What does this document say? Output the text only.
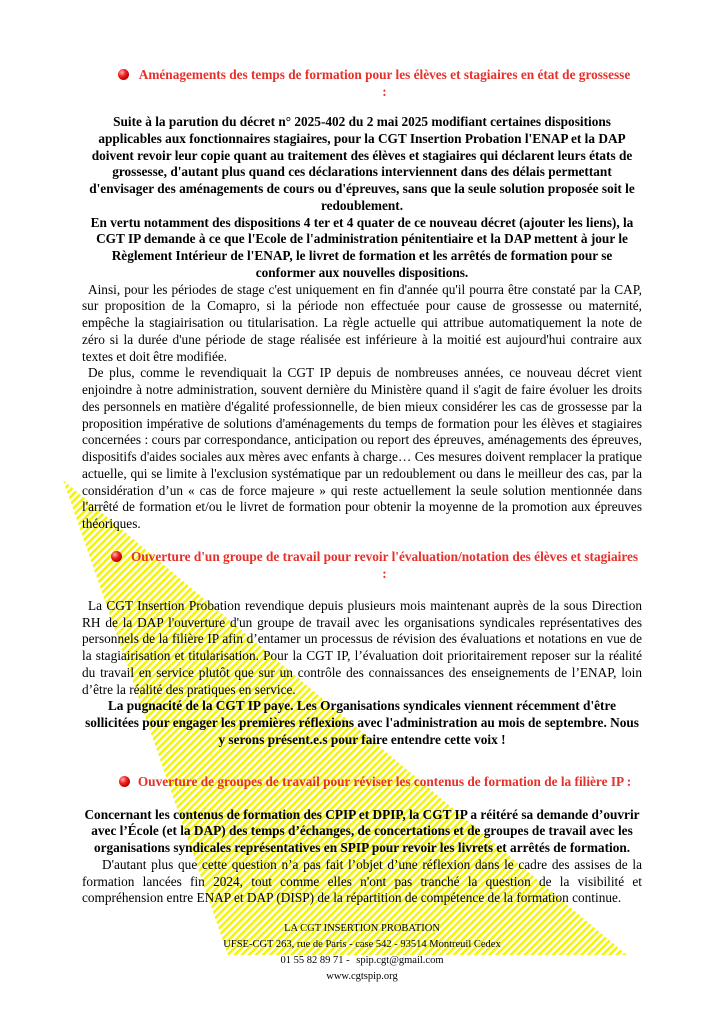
Aménagements des temps de formation pour les élèves et stagiaires en état de grossesse :

Suite à la parution du décret n° 2025-402 du 2 mai 2025 modifiant certaines dispositions applicables aux fonctionnaires stagiaires, pour la CGT Insertion Probation l'ENAP et la DAP doivent revoir leur copie quant au traitement des élèves et stagiaires qui déclarent leurs états de grossesse, d'autant plus quand ces déclarations interviennent dans des délais permettant d'envisager des aménagements de cours ou d'épreuves, sans que la seule solution proposée soit le redoublement.

En vertu notamment des dispositions 4 ter et 4 quater de ce nouveau décret (ajouter les liens), la CGT IP demande à ce que l'Ecole de l'administration pénitentiaire et la DAP mettent à jour le Règlement Intérieur de l'ENAP, le livret de formation et les arrêtés de formation pour se conformer aux nouvelles dispositions.

Ainsi, pour les périodes de stage c'est uniquement en fin d'année qu'il pourra être constaté par la CAP, sur proposition de la Comapro, si la période non effectuée pour cause de grossesse ou maternité, empêche la stagiairisation ou titularisation. La règle actuelle qui attribue automatiquement la note de zéro si la durée d'une période de stage réalisée est inférieure à la moitié est aujourd'hui contraire aux textes et doit être modifiée.

De plus, comme le revendiquait la CGT IP depuis de nombreuses années, ce nouveau décret vient enjoindre à notre administration, souvent dernière du Ministère quand il s'agit de faire évoluer les droits des personnels en matière d'égalité professionnelle, de bien mieux considérer les cas de grossesse par la proposition impérative de solutions d'aménagements du temps de formation pour les élèves et stagiaires concernées : cours par correspondance, anticipation ou report des épreuves, aménagements des épreuves, dispositifs d'aides sociales aux mères avec enfants à charge… Ces mesures doivent remplacer la pratique actuelle, qui se limite à l'exclusion systématique par un redoublement ou dans le meilleur des cas, par la considération d’un « cas de force majeure » qui reste actuellement la seule solution mentionnée dans l'arrêté de formation et/ou le livret de formation pour obtenir la moyenne de la promotion aux épreuves théoriques.

Ouverture d'un groupe de travail pour revoir l'évaluation/notation des élèves et stagiaires :

La CGT Insertion Probation revendique depuis plusieurs mois maintenant auprès de la sous Direction RH de la DAP l'ouverture d'un groupe de travail avec les organisations syndicales représentatives des personnels de la filière IP afin d’entamer un processus de révision des évaluations et notations en vue de la stagiairisation et titularisation. Pour la CGT IP, l’évaluation doit prioritairement reposer sur la réalité du travail en service plutôt que sur un contrôle des connaissances des enseignements de l’ENAP, loin d’être la réalité des pratiques en service.

La pugnacité de la CGT IP paye. Les Organisations syndicales viennent récemment d'être sollicitées pour engager les premières réflexions avec l'administration au mois de septembre. Nous y serons présent.e.s pour faire entendre cette voix !

Ouverture de groupes de travail pour réviser les contenus de formation de la filière IP :

Concernant les contenus de formation des CPIP et DPIP, la CGT IP a réitéré sa demande d’ouvrir avec l’École (et la DAP) des temps d’échanges, de concertations et de groupes de travail avec les organisations syndicales représentatives en SPIP pour revoir les livrets et arrêtés de formation.

D'autant plus que cette question n’a pas fait l’objet d’une réflexion dans le cadre des assises de la formation lancées fin 2024, tout comme elles n'ont pas tranché la question de la visibilité et compréhension entre ENAP et DAP (DISP) de la répartition de compétence de la formation continue.

LA CGT INSERTION PROBATION
UFSE-CGT 263, rue de Paris - case 542 - 93514 Montreuil Cedex
01 55 82 89 71 - spip.cgt@gmail.com
www.cgtspip.org
